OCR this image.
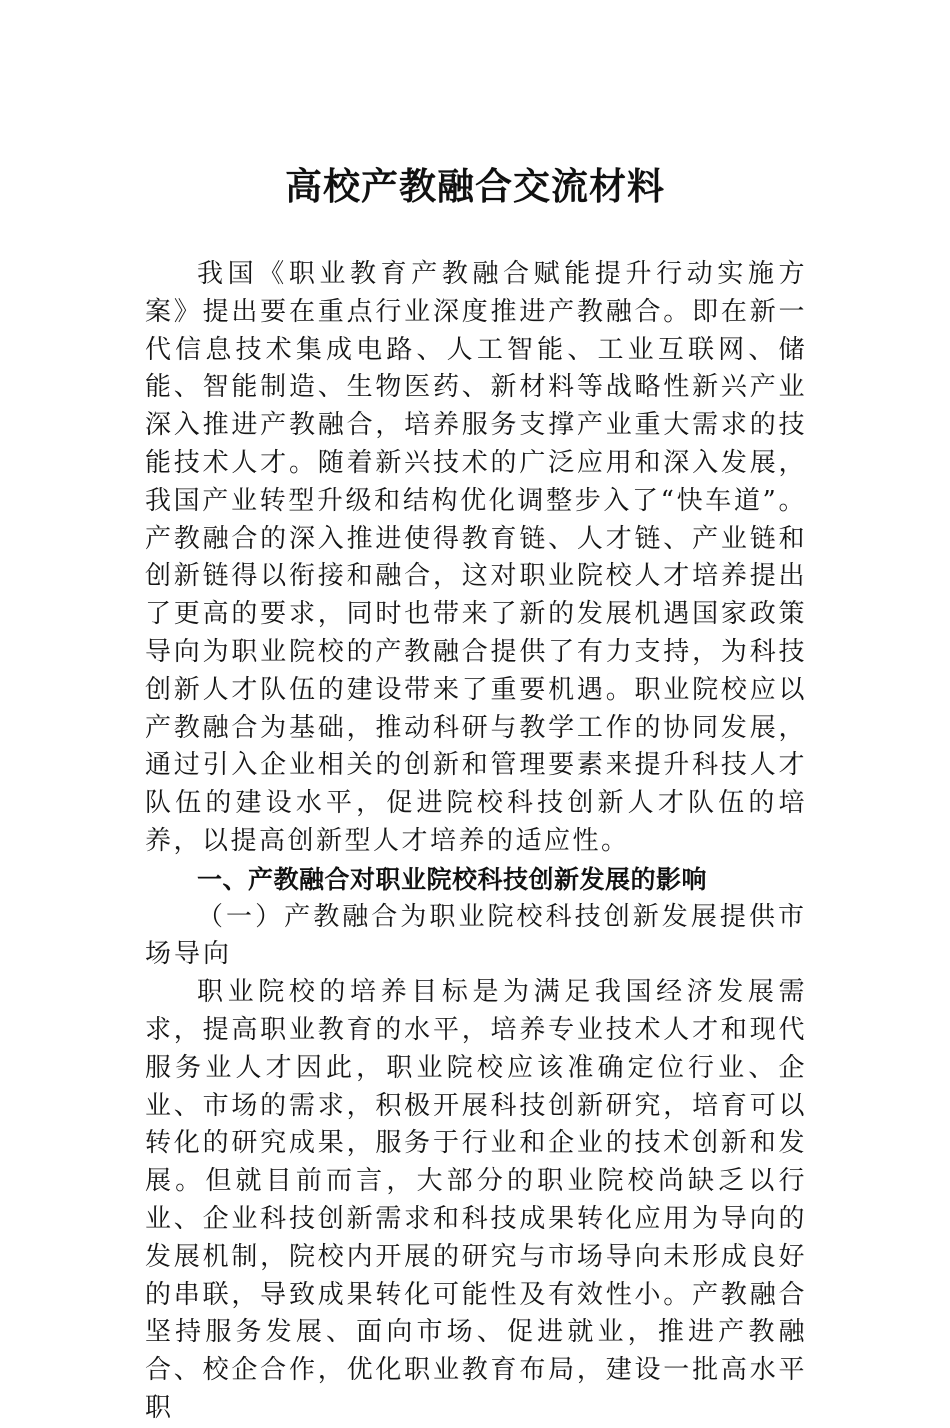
高校产教融合交流材料

我国《职业教育产教融合赋能提升行动实施方案》提出要在重点行业深度推进产教融合。即在新一代信息技术集成电路、人工智能、工业互联网、储能、智能制造、生物医药、新材料等战略性新兴产业深入推进产教融合，培养服务支撑产业重大需求的技能技术人才。随着新兴技术的广泛应用和深入发展，我国产业转型升级和结构优化调整步入了“快车道”。产教融合的深入推进使得教育链、人才链、产业链和创新链得以衔接和融合，这对职业院校人才培养提出了更高的要求，同时也带来了新的发展机遇国家政策导向为职业院校的产教融合提供了有力支持，为科技创新人才队伍的建设带来了重要机遇。职业院校应以产教融合为基础，推动科研与教学工作的协同发展，通过引入企业相关的创新和管理要素来提升科技人才队伍的建设水平，促进院校科技创新人才队伍的培养，以提高创新型人才培养的适应性。

一、产教融合对职业院校科技创新发展的影响

（一）产教融合为职业院校科技创新发展提供市场导向

职业院校的培养目标是为满足我国经济发展需求，提高职业教育的水平，培养专业技术人才和现代服务业人才因此，职业院校应该准确定位行业、企业、市场的需求，积极开展科技创新研究，培育可以转化的研究成果，服务于行业和企业的技术创新和发展。但就目前而言，大部分的职业院校尚缺乏以行业、企业科技创新需求和科技成果转化应用为导向的发展机制，院校内开展的研究与市场导向未形成良好的串联，导致成果转化可能性及有效性小。产教融合坚持服务发展、面向市场、促进就业，推进产教融合、校企合作，优化职业教育布局，建设一批高水平职
